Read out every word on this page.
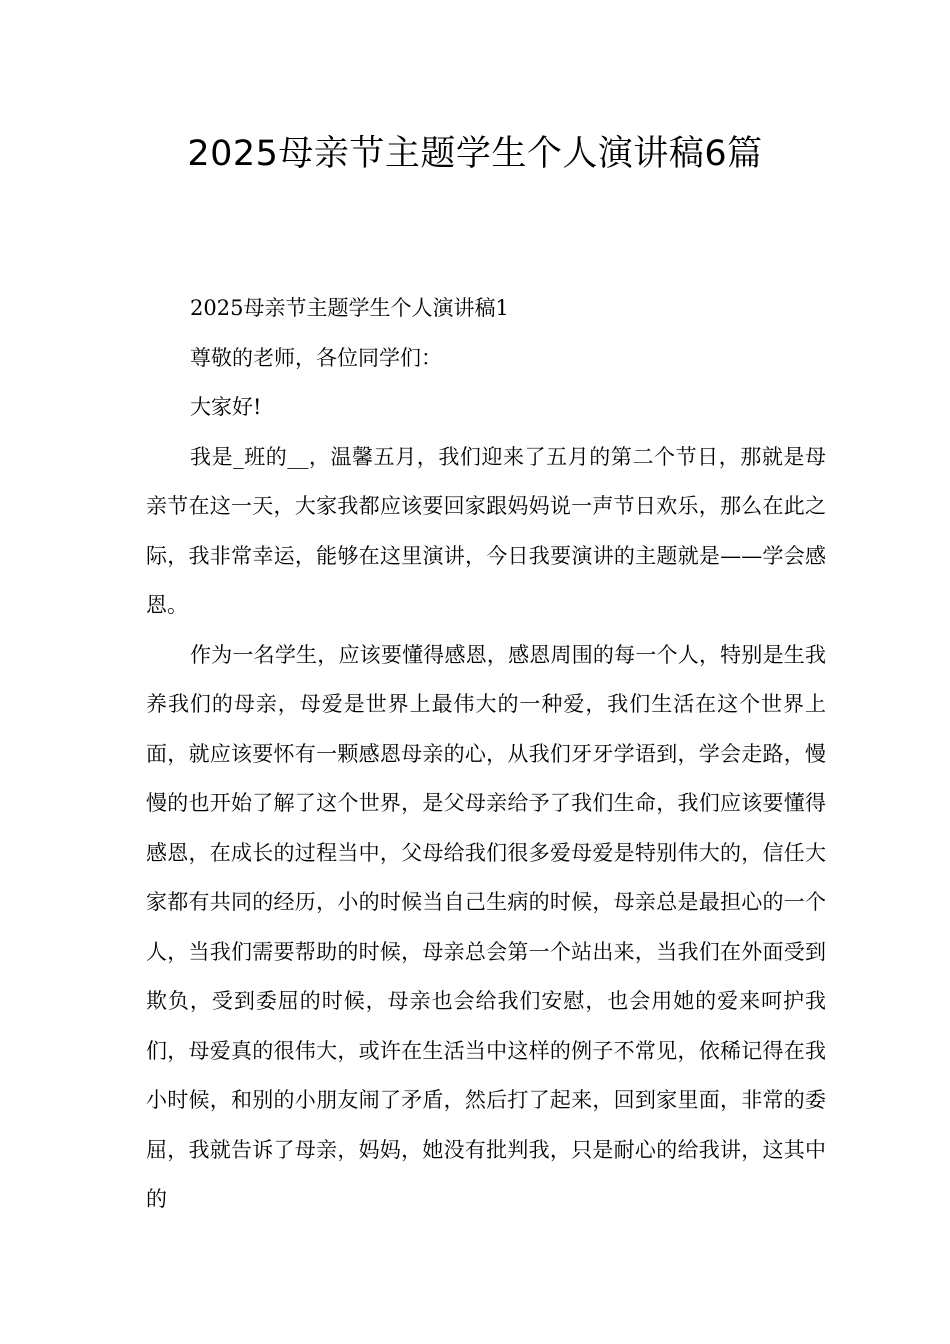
2025母亲节主题学生个人演讲稿6篇

2025母亲节主题学生个人演讲稿1

尊敬的老师，各位同学们：

大家好!

我是_班的__，温馨五月，我们迎来了五月的第二个节日，那就是母亲节在这一天，大家我都应该要回家跟妈妈说一声节日欢乐，那么在此之际，我非常幸运，能够在这里演讲，今日我要演讲的主题就是——学会感恩。

作为一名学生，应该要懂得感恩，感恩周围的每一个人，特别是生我养我们的母亲，母爱是世界上最伟大的一种爱，我们生活在这个世界上面，就应该要怀有一颗感恩母亲的心，从我们牙牙学语到，学会走路，慢慢的也开始了解了这个世界，是父母亲给予了我们生命，我们应该要懂得感恩，在成长的过程当中，父母给我们很多爱母爱是特别伟大的，信任大家都有共同的经历，小的时候当自己生病的时候，母亲总是最担心的一个人，当我们需要帮助的时候，母亲总会第一个站出来，当我们在外面受到欺负，受到委屈的时候，母亲也会给我们安慰，也会用她的爱来呵护我们，母爱真的很伟大，或许在生活当中这样的例子不常见，依稀记得在我小时候，和别的小朋友闹了矛盾，然后打了起来，回到家里面，非常的委屈，我就告诉了母亲，妈妈，她没有批判我，只是耐心的给我讲，这其中的
